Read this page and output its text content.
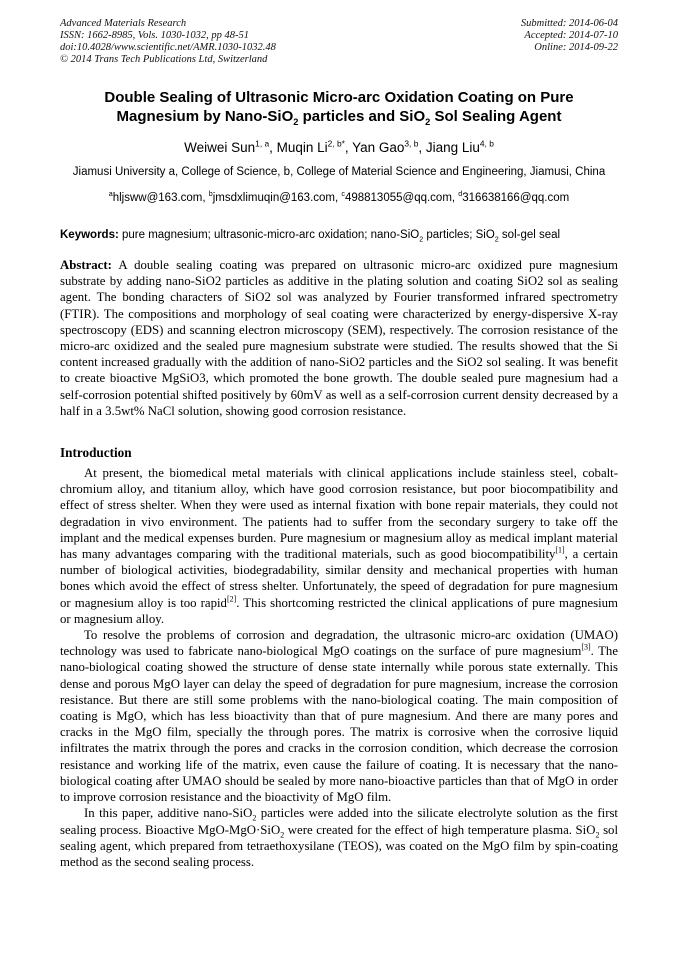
Advanced Materials Research
ISSN: 1662-8985, Vols. 1030-1032, pp 48-51
doi:10.4028/www.scientific.net/AMR.1030-1032.48
© 2014 Trans Tech Publications Ltd, Switzerland
Submitted: 2014-06-04
Accepted: 2014-07-10
Online: 2014-09-22
Double Sealing of Ultrasonic Micro-arc Oxidation Coating on Pure Magnesium by Nano-SiO$_2$ particles and SiO$_2$ Sol Sealing Agent
Weiwei Sun$^{1, a}$, Muqin $Li^{2, b*}$, Yan Gao$^{3, b}$, Jiang Liu$^{4, b}$
Jiamusi University a, College of Science, b, College of Material Science and Engineering, Jiamusi, China
$^a$hljsww@163.com, $^b$jmsdxlimuqin@163.com, $^c$498813055@qq.com, $^d$316638166@qq.com
Keywords: pure magnesium; ultrasonic-micro-arc oxidation; nano-SiO$_2$ particles; SiO$_2$ sol-gel seal
Abstract: A double sealing coating was prepared on ultrasonic micro-arc oxidized pure magnesium substrate by adding nano-SiO2 particles as additive in the plating solution and coating SiO2 sol as sealing agent. The bonding characters of SiO2 sol was analyzed by Fourier transformed infrared spectrometry (FTIR). The compositions and morphology of seal coating were characterized by energy-dispersive X-ray spectroscopy (EDS) and scanning electron microscopy (SEM), respectively. The corrosion resistance of the micro-arc oxidized and the sealed pure magnesium substrate were studied. The results showed that the Si content increased gradually with the addition of nano-SiO2 particles and the SiO2 sol sealing. It was benefit to create bioactive MgSiO3, which promoted the bone growth. The double sealed pure magnesium had a self-corrosion potential shifted positively by 60mV as well as a self-corrosion current density decreased by a half in a 3.5wt% NaCl solution, showing good corrosion resistance.
Introduction

At present, the biomedical metal materials with clinical applications include stainless steel, cobalt-chromium alloy, and titanium alloy, which have good corrosion resistance, but poor biocompatibility and effect of stress shelter. When they were used as internal fixation with bone repair materials, they could not degradation in vivo environment. The patients had to suffer from the secondary surgery to take off the implant and the medical expenses burden. Pure magnesium or magnesium alloy as medical implant material has many advantages comparing with the traditional materials, such as good biocompatibility[1], a certain number of biological activities, biodegradability, similar density and mechanical properties with human bones which avoid the effect of stress shelter. Unfortunately, the speed of degradation for pure magnesium or magnesium alloy is too rapid[2]. This shortcoming restricted the clinical applications of pure magnesium or magnesium alloy.

To resolve the problems of corrosion and degradation, the ultrasonic micro-arc oxidation (UMAO) technology was used to fabricate nano-biological MgO coatings on the surface of pure magnesium[3]. The nano-biological coating showed the structure of dense state internally while porous state externally. This dense and porous MgO layer can delay the speed of degradation for pure magnesium, increase the corrosion resistance. But there are still some problems with the nano-biological coating. The main composition of coating is MgO, which has less bioactivity than that of pure magnesium. And there are many pores and cracks in the MgO film, specially the through pores. The matrix is corrosive when the corrosive liquid infiltrates the matrix through the pores and cracks in the corrosion condition, which decrease the corrosion resistance and working life of the matrix, even cause the failure of coating. It is necessary that the nano-biological coating after UMAO should be sealed by more nano-bioactive particles than that of MgO in order to improve corrosion resistance and the bioactivity of MgO film.

In this paper, additive nano-SiO$_2$ particles were added into the silicate electrolyte solution as the first sealing process. Bioactive MgO-MgO·SiO$_2$ were created for the effect of high temperature plasma. SiO$_2$ sol sealing agent, which prepared from tetraethoxysilane (TEOS), was coated on the MgO film by spin-coating method as the second sealing process.
